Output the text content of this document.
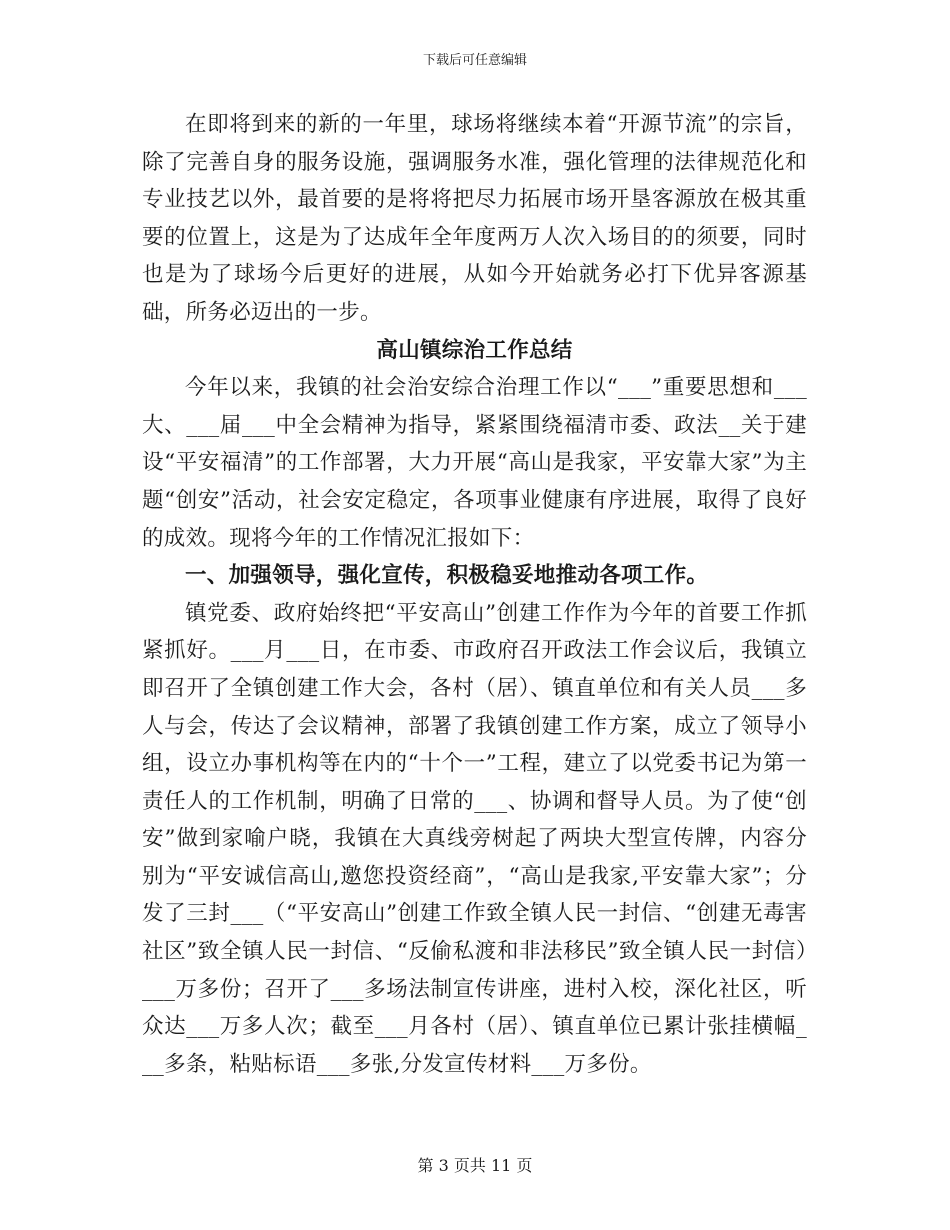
下载后可任意编辑

在即将到来的新的一年里，球场将继续本着“开源节流”的宗旨，除了完善自身的服务设施，强调服务水准，强化管理的法律规范化和专业技艺以外，最首要的是将将把尽力拓展市场开垦客源放在极其重要的位置上，这是为了达成年全年度两万人次入场目的的须要，同时也是为了球场今后更好的进展，从如今开始就务必打下优异客源基础，所务必迈出的一步。

高山镇综治工作总结

今年以来，我镇的社会治安综合治理工作以“___”重要思想和___大、___届___中全会精神为指导，紧紧围绕福清市委、政法__关于建设“平安福清”的工作部署，大力开展“高山是我家，平安靠大家”为主题“创安”活动，社会安定稳定，各项事业健康有序进展，取得了良好的成效。现将今年的工作情况汇报如下：

一、加强领导，强化宣传，积极稳妥地推动各项工作。

镇党委、政府始终把“平安高山”创建工作作为今年的首要工作抓紧抓好。___月___日，在市委、市政府召开政法工作会议后，我镇立即召开了全镇创建工作大会，各村（居）、镇直单位和有关人员___多人与会，传达了会议精神，部署了我镇创建工作方案，成立了领导小组，设立办事机构等在内的“十个一”工程，建立了以党委书记为第一责任人的工作机制，明确了日常的___、协调和督导人员。为了使“创安”做到家喻户晓，我镇在大真线旁树起了两块大型宣传牌，内容分别为“平安诚信高山,邀您投资经商”，“高山是我家,平安靠大家”；分发了三封___（“平安高山”创建工作致全镇人民一封信、“创建无毒害社区”致全镇人民一封信、“反偷私渡和非法移民”致全镇人民一封信）___万多份；召开了___多场法制宣传讲座，进村入校，深化社区，听众达___万多人次；截至___月各村（居）、镇直单位已累计张挂横幅___多条，粘贴标语___多张,分发宣传材料___万多份。

第 3 页共 11 页
